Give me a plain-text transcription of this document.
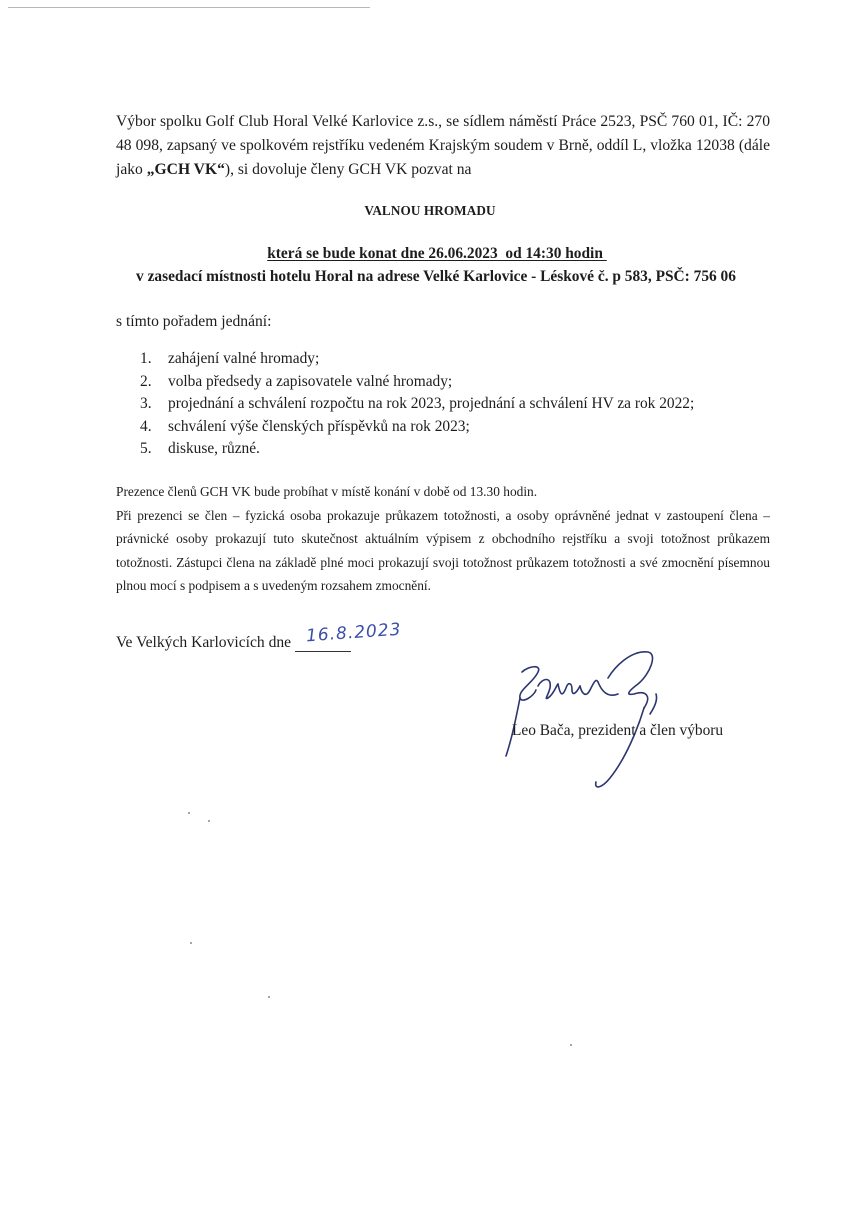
Výbor spolku Golf Club Horal Velké Karlovice z.s., se sídlem náměstí Práce 2523, PSČ 760 01, IČ: 270 48 098, zapsaný ve spolkovém rejstříku vedeném Krajským soudem v Brně, oddíl L, vložka 12038 (dále jako „GCH VK“), si dovoluje členy GCH VK pozvat na

VALNOU HROMADU

která se bude konat dne 26.06.2023  od 14:30 hodin

v zasedací místnosti hotelu Horal na adrese Velké Karlovice - Léskové č. p 583, PSČ: 756 06

s tímto pořadem jednání:

1.	zahájení valné hromady;
2.	volba předsedy a zapisovatele valné hromady;
3.	projednání a schválení rozpočtu na rok 2023, projednání a schválení HV za rok 2022;
4.	schválení výše členských příspěvků na rok 2023;
5.	diskuse, různé.

Prezence členů GCH VK bude probíhat v místě konání v době od 13.30 hodin.

Při prezenci se člen – fyzická osoba prokazuje průkazem totožnosti, a osoby oprávněné jednat v zastoupení člena – právnické osoby prokazují tuto skutečnost aktuálním výpisem z obchodního rejstříku a svoji totožnost průkazem totožnosti. Zástupci člena na základě plné moci prokazují svoji totožnost průkazem totožnosti a své zmocnění písemnou plnou mocí s podpisem a s uvedeným rozsahem zmocnění.

Ve Velkých Karlovicích dne 16.8.2023

Leo Bača, prezident a člen výboru
